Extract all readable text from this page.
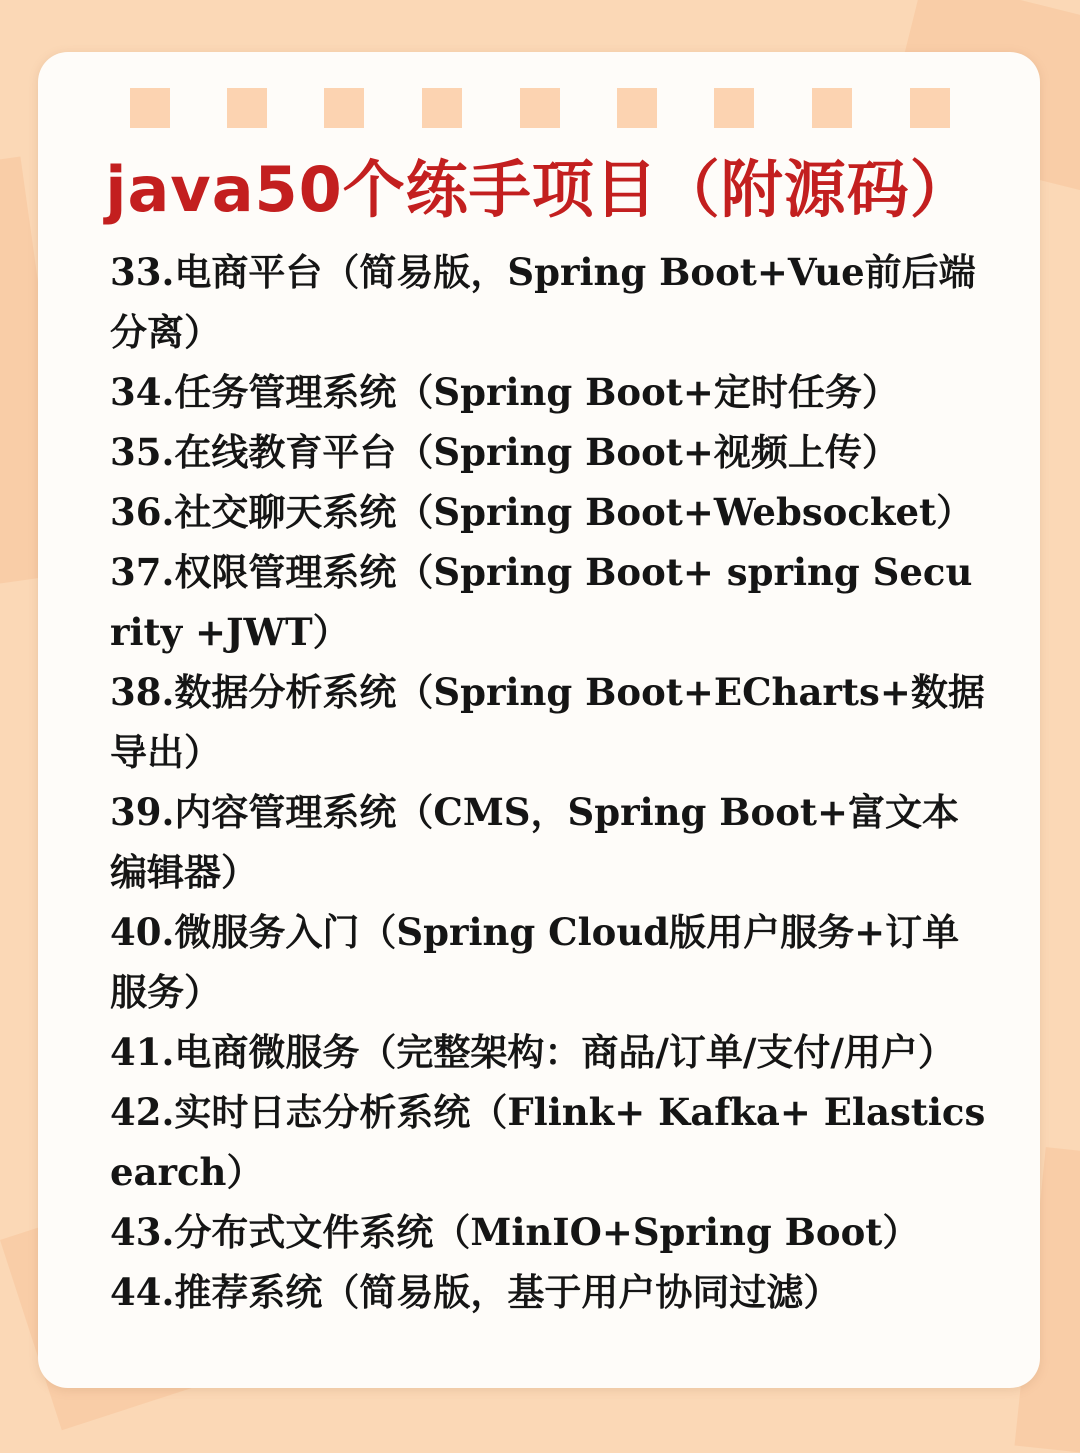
java50个练手项目（附源码）
33.电商平台（简易版，Spring Boot+Vue前后端分离）
34.任务管理系统（Spring Boot+定时任务）
35.在线教育平台（Spring Boot+视频上传）
36.社交聊天系统（Spring Boot+Websocket）
37.权限管理系统（Spring Boot+ spring Security +JWT）
38.数据分析系统（Spring Boot+ECharts+数据导出）
39.内容管理系统（CMS，Spring Boot+富文本编辑器）
40.微服务入门（Spring Cloud版用户服务+订单服务）
41.电商微服务（完整架构：商品/订单/支付/用户）
42.实时日志分析系统（Flink+ Kafka+ Elasticsearch）
43.分布式文件系统（MinIO+Spring Boot）
44.推荐系统（简易版，基于用户协同过滤）
